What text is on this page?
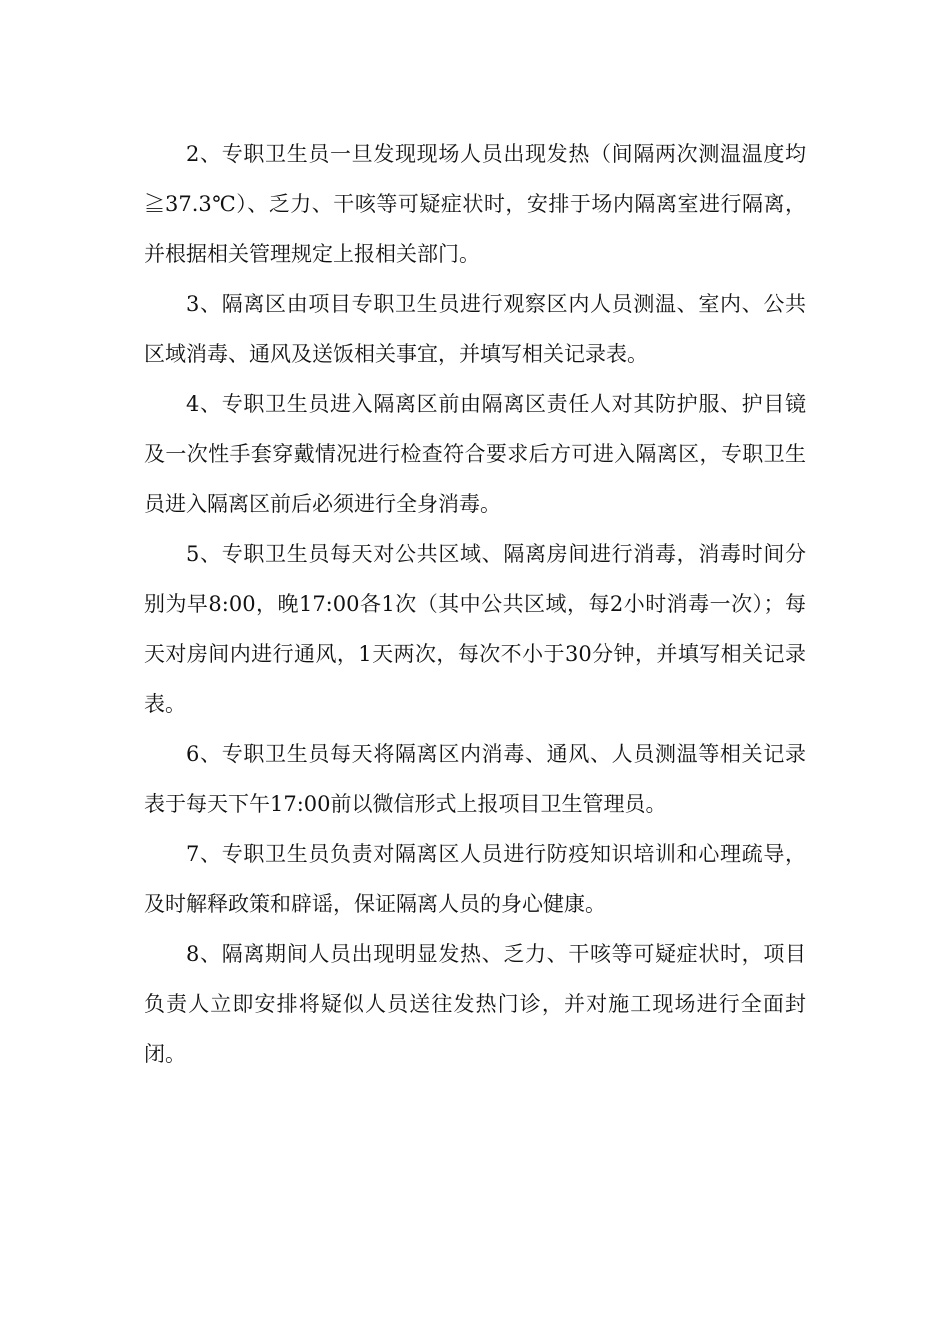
2、专职卫生员一旦发现现场人员出现发热（间隔两次测温温度均≧37.3℃）、乏力、干咳等可疑症状时，安排于场内隔离室进行隔离，并根据相关管理规定上报相关部门。

3、隔离区由项目专职卫生员进行观察区内人员测温、室内、公共区域消毒、通风及送饭相关事宜，并填写相关记录表。

4、专职卫生员进入隔离区前由隔离区责任人对其防护服、护目镜及一次性手套穿戴情况进行检查符合要求后方可进入隔离区，专职卫生员进入隔离区前后必须进行全身消毒。

5、专职卫生员每天对公共区域、隔离房间进行消毒，消毒时间分别为早8:00，晚17:00各1次（其中公共区域，每2小时消毒一次）；每天对房间内进行通风，1天两次，每次不小于30分钟，并填写相关记录表。

6、专职卫生员每天将隔离区内消毒、通风、人员测温等相关记录表于每天下午17:00前以微信形式上报项目卫生管理员。

7、专职卫生员负责对隔离区人员进行防疫知识培训和心理疏导，及时解释政策和辟谣，保证隔离人员的身心健康。

8、隔离期间人员出现明显发热、乏力、干咳等可疑症状时，项目负责人立即安排将疑似人员送往发热门诊，并对施工现场进行全面封闭。
